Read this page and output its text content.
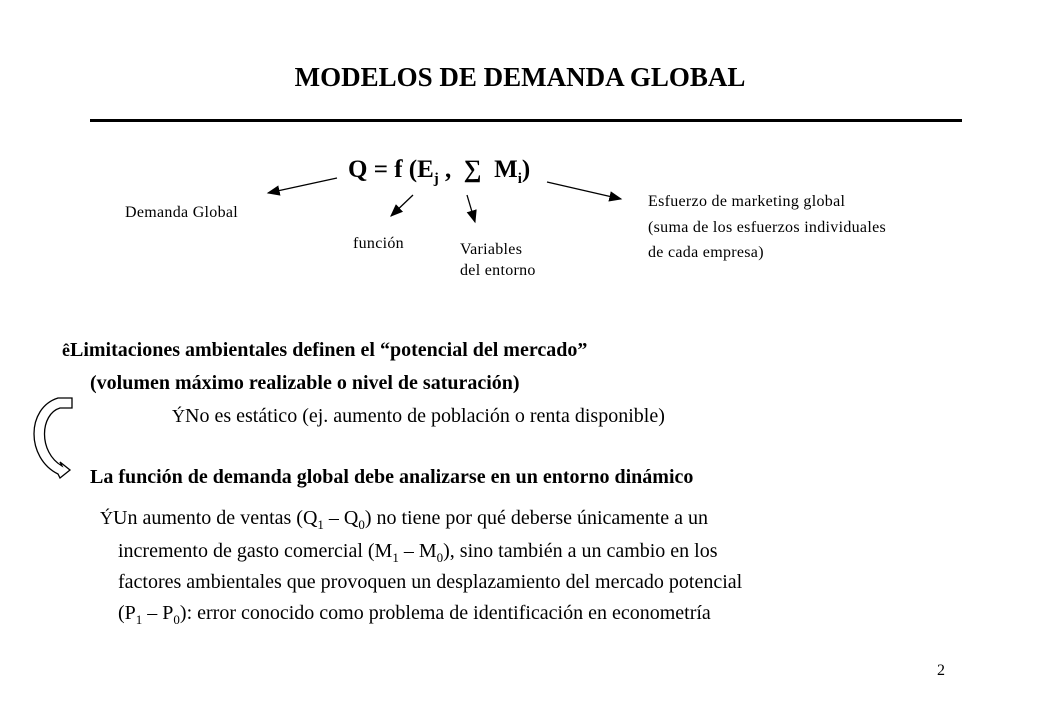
MODELOS DE DEMANDA GLOBAL
Q = f ($E_j$ ,  ∑  $M_i$)
Demanda Global
función	Variables
del entorno
Esfuerzo de marketing global
(suma de los esfuerzos individuales
de cada empresa)
êLimitaciones ambientales definen el “potencial del mercado”
(volumen máximo realizable o nivel de saturación)
ÝNo es estático (ej. aumento de población o renta disponible)
La función de demanda global debe analizarse en un entorno dinámico
ÝUn aumento de ventas $(Q_1 - Q_0)$ no tiene por qué deberse únicamente a un
incremento de gasto comercial $(M_1 - M_0)$, sino también a un cambio en los
factores ambientales que provoquen un desplazamiento del mercado potencial
$(P_1 - P_0)$: error conocido como problema de identificación en econometría
2
